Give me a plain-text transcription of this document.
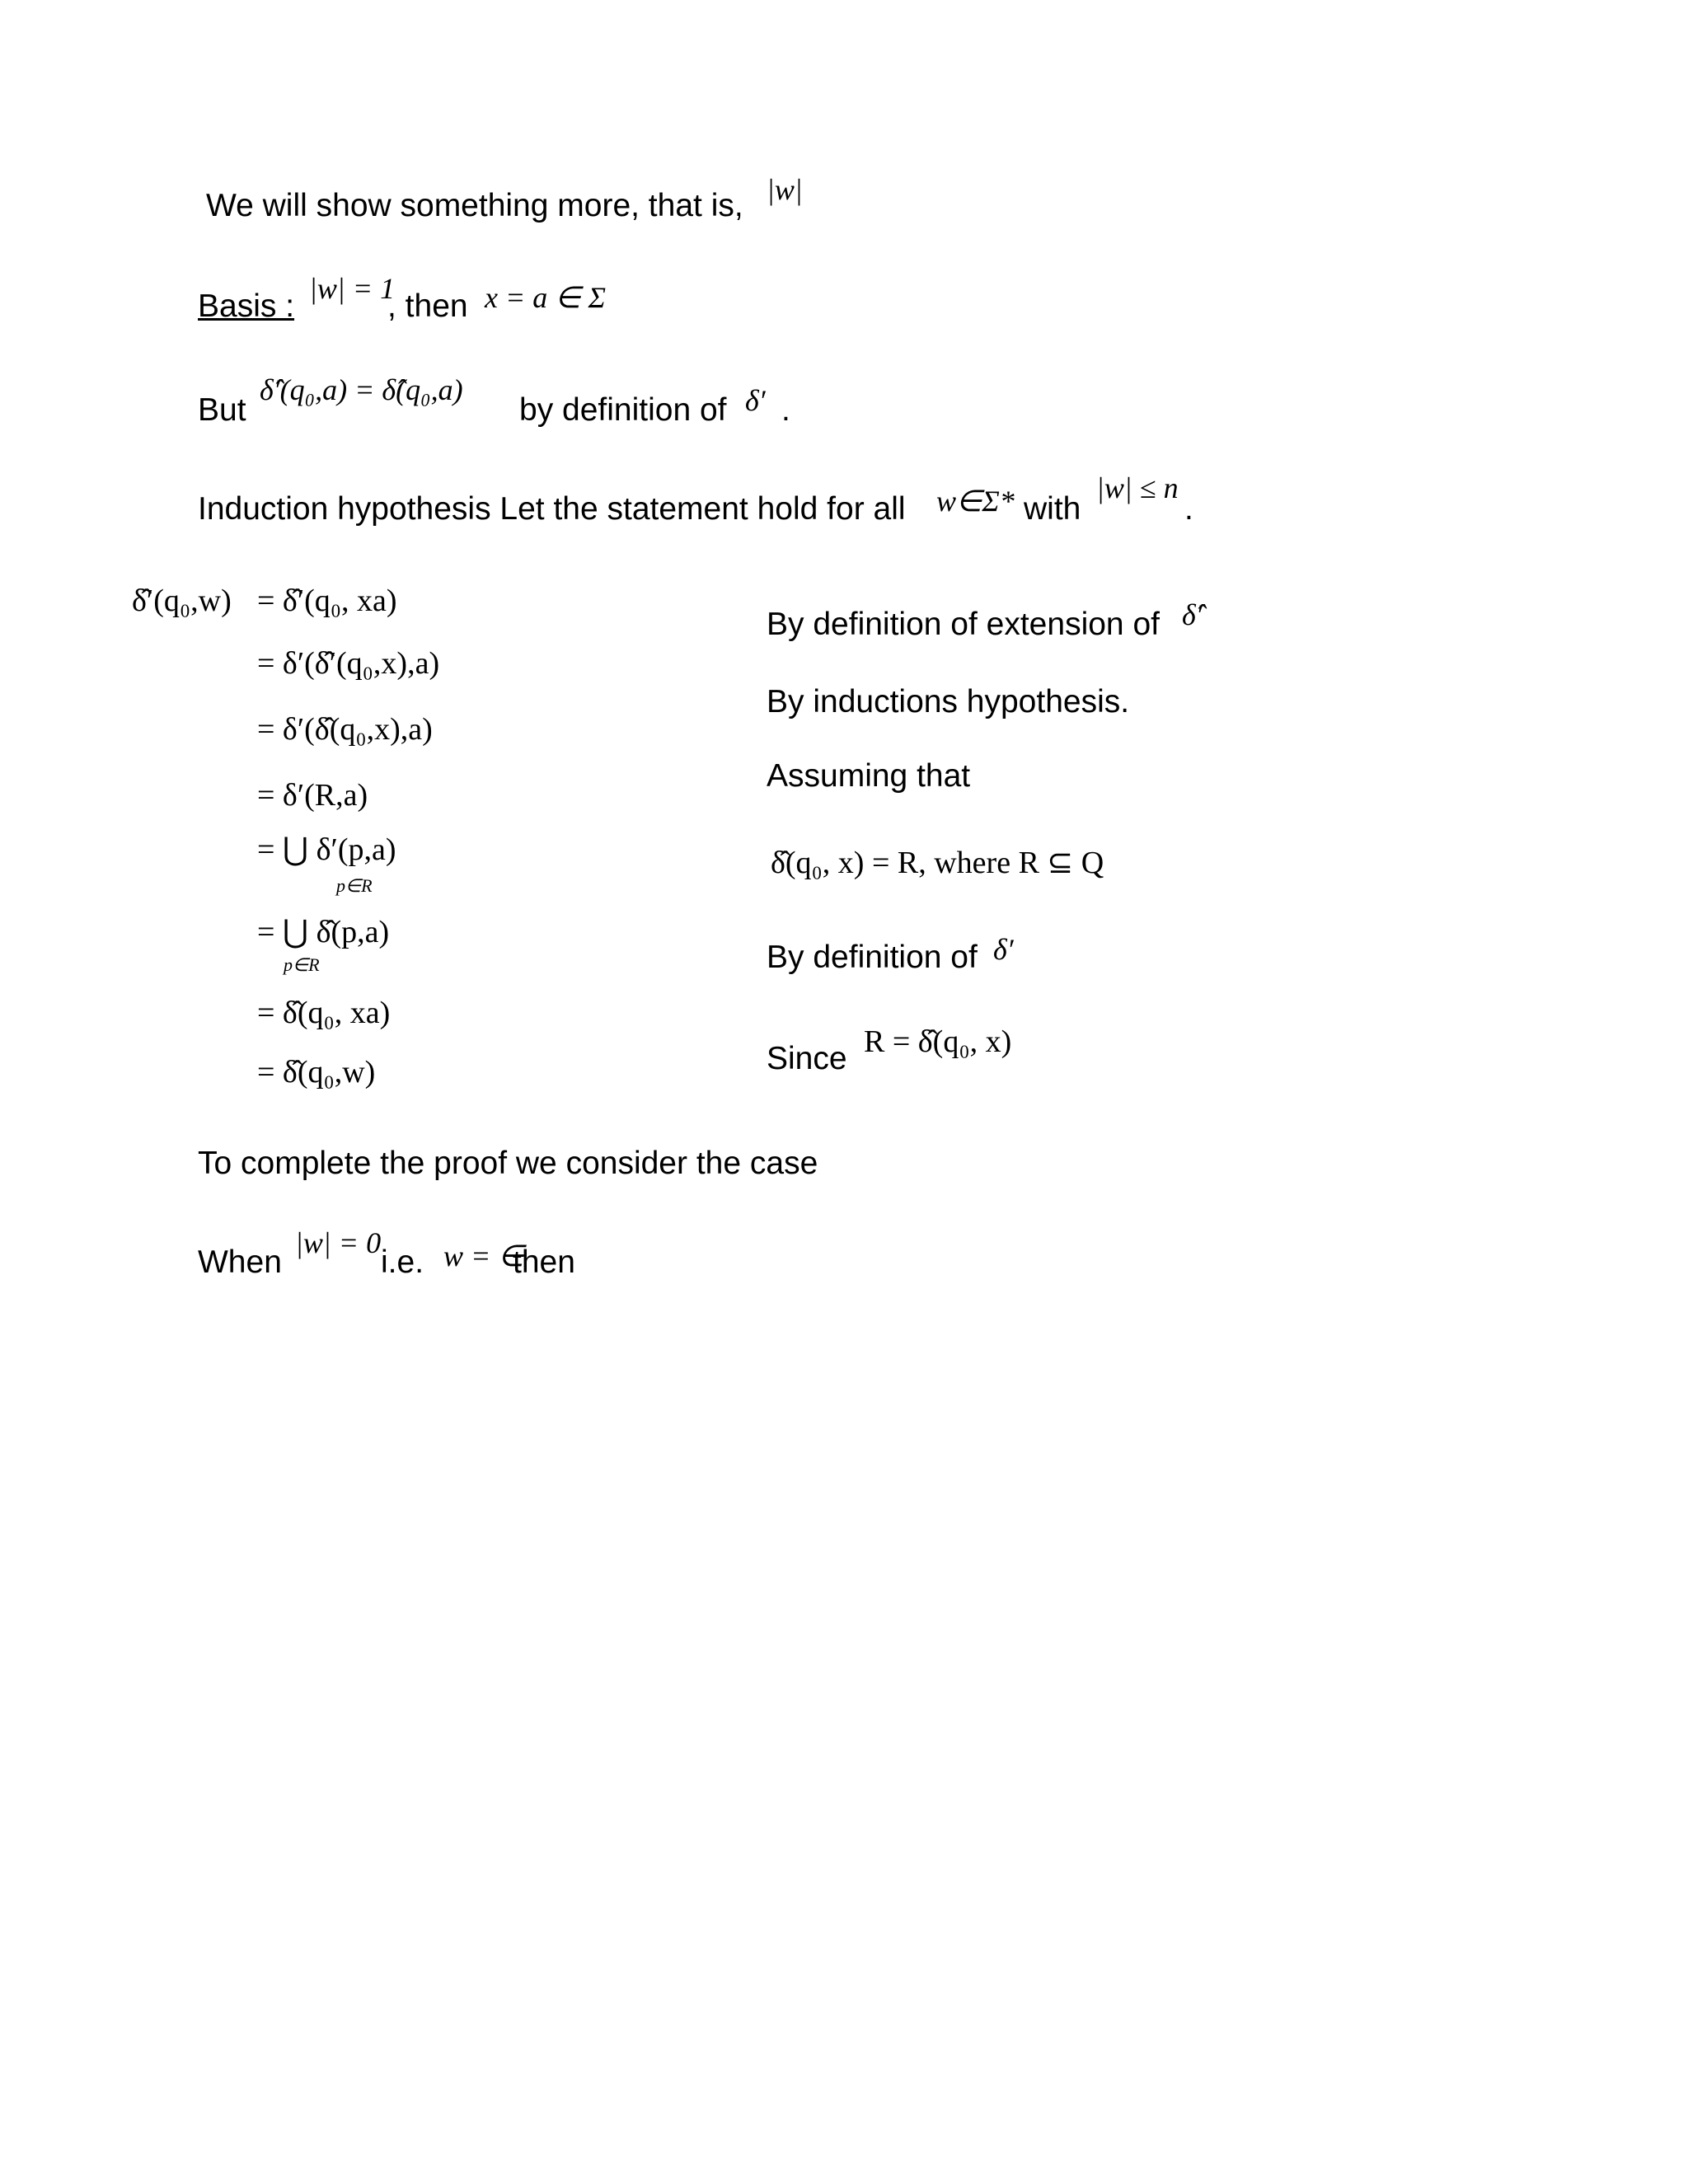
We will show something more, that is, |w|
Basis : |w| = 1
, then x = a ∈ Σ
But
δ̂′(q₀,a) = δ̂(q₀,a)
by definition of δ′ .
Induction hypothesis Let the statement hold for all w∈Σ* with
|w| ≤ n
.
δ̂′(q₀,w) = δ̂′(q₀, xa)
= δ′(δ̂′(q₀,x),a)
= δ′(δ̂(q₀,x),a)
= δ′(R,a)
= ⋃ δ′(p,a)
p∈R
= ⋃ δ̂(p,a)
p∈R
= δ̂(q₀, xa)
= δ̂(q₀,w)
By definition of extension of δ̂′
By inductions hypothesis.
Assuming that
δ̂(q₀, x) = R, where R ⊆ Q
By definition of δ′
Since R = δ̂(q₀, x)
To complete the proof we consider the case
When
|w| = 0
i.e. w = ∈
then
